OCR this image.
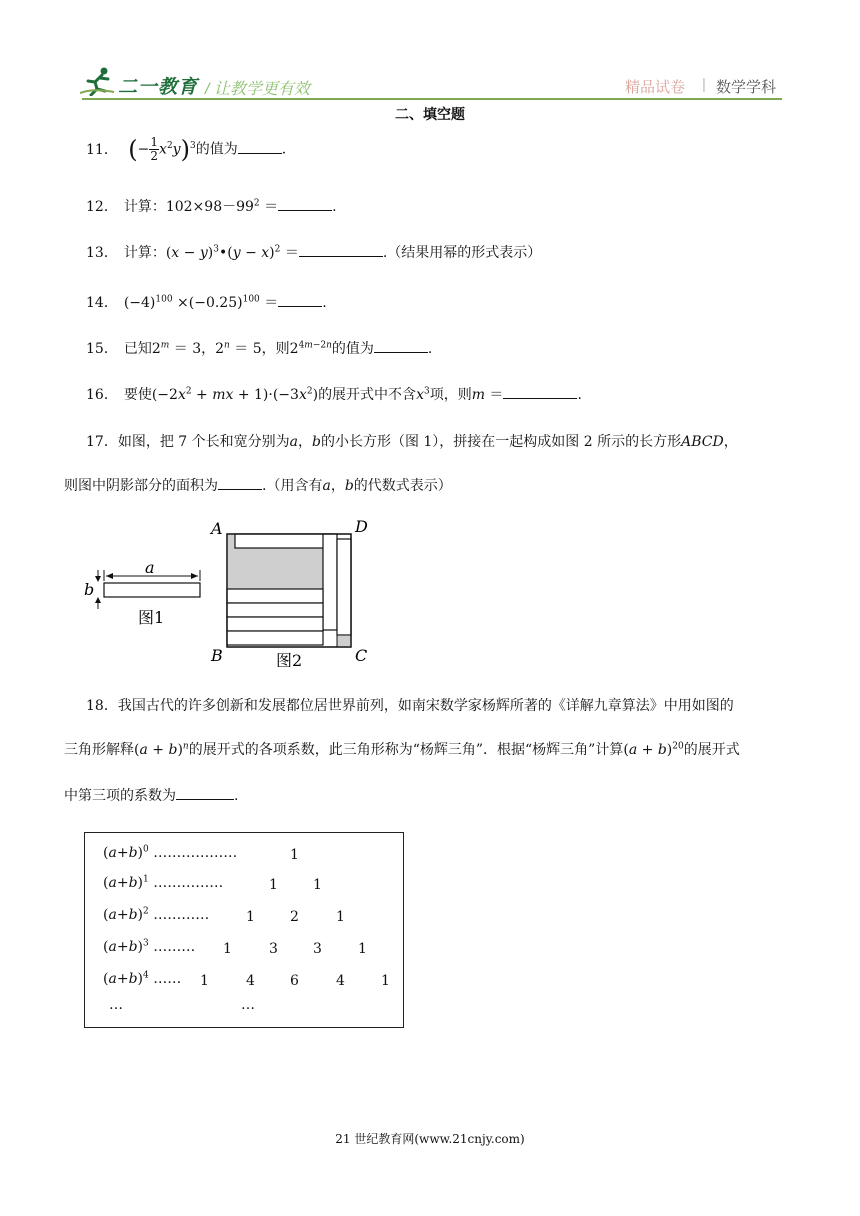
二一教育 / 让教学更有效	精品试卷 | 数学学科
二、填空题
11． (− $\frac{1}{2} x^2y)^3$的值为	.
12． 计算：$102\times 98-99^2$ ＝	.
13． 计算：$(x - y)^3•(y - x)^2$ ＝	.（结果用幂的形式表示）
14． $(-4)^{100} \times(-0.25)^{100}$ ＝	.
15． 已知$2^m = 3$，$2^n = 5$，则$2^{4m-2n}$的值为	.
16． 要使($-2x^2$ + mx + $1)\cdot(-3x^2)$的展开式中不含$x^3$项，则m ＝	.
17．如图，把 7 个长和宽分别为a，b的小长方形（图 1），拼接在一起构成如图 2 所示的长方形ABCD，
则图中阴影部分的面积为	.（用含有a，b的代数式表示）
a
b
图1
A	D
B	C
图2
18．我国古代的许多创新和发展都位居世界前列，如南宋数学家杨辉所著的《详解九章算法》中用如图的
三角形解释$(a + b)^n$的展开式的各项系数，此三角形称为“杨辉三角”．根据“杨辉三角”计算$(a + b)^{20}$的展开式
中第三项的系数为	.
$(a+b)^0$ ………………	1
$(a+b)^1$ ……………	1	1
$(a+b)^2$ …………	1	2	1
$(a+b)^3$ ……… 1	3	3	1
$(a+b)^4$ …… 1	4	6	4	1
…	…
21 世纪教育网(www.21cnjy.com)
